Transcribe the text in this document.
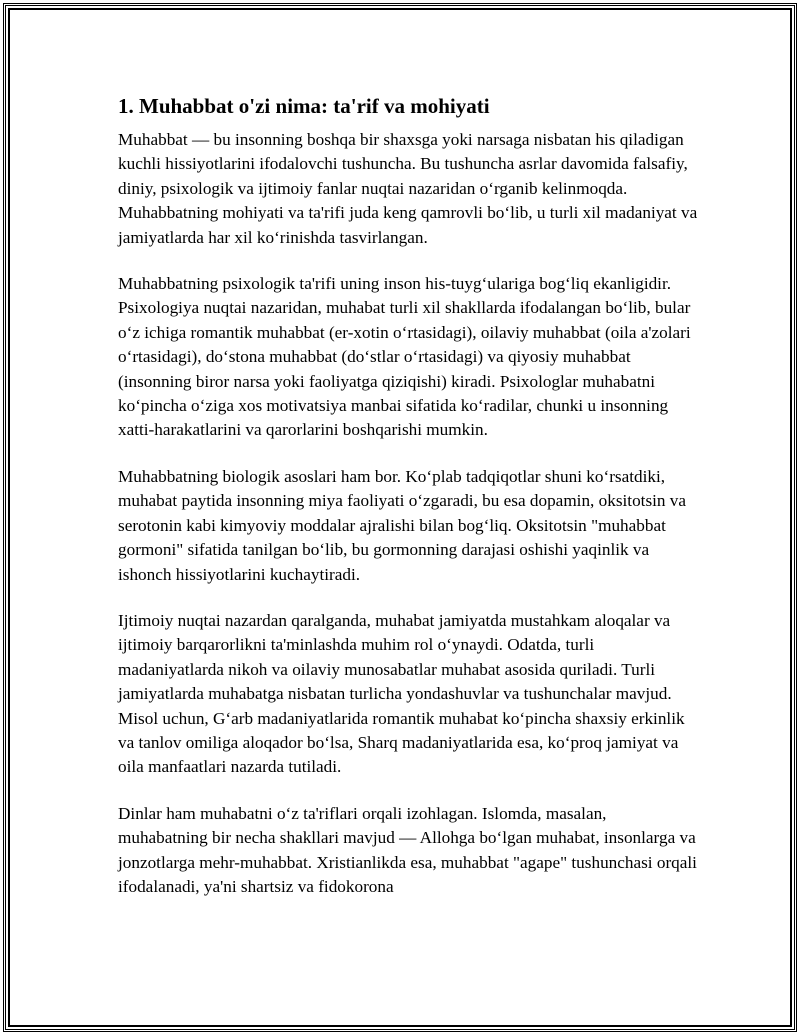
1. Muhabbat o'zi nima: ta'rif va mohiyati

Muhabbat — bu insonning boshqa bir shaxsga yoki narsaga nisbatan his qiladigan kuchli hissiyotlarini ifodalovchi tushuncha. Bu tushuncha asrlar davomida falsafiy, diniy, psixologik va ijtimoiy fanlar nuqtai nazaridan o‘rganib kelinmoqda. Muhabbatning mohiyati va ta'rifi juda keng qamrovli bo‘lib, u turli xil madaniyat va jamiyatlarda har xil ko‘rinishda tasvirlangan.

Muhabbatning psixologik ta'rifi uning inson his-tuyg‘ulariga bog‘liq ekanligidir. Psixologiya nuqtai nazaridan, muhabat turli xil shakllarda ifodalangan bo‘lib, bular o‘z ichiga romantik muhabbat (er-xotin o‘rtasidagi), oilaviy muhabbat (oila a'zolari o‘rtasidagi), do‘stona muhabbat (do‘stlar o‘rtasidagi) va qiyosiy muhabbat (insonning biror narsa yoki faoliyatga qiziqishi) kiradi. Psixologlar muhabatni ko‘pincha o‘ziga xos motivatsiya manbai sifatida ko‘radilar, chunki u insonning xatti-harakatlarini va qarorlarini boshqarishi mumkin.

Muhabbatning biologik asoslari ham bor. Ko‘plab tadqiqotlar shuni ko‘rsatdiki, muhabat paytida insonning miya faoliyati o‘zgaradi, bu esa dopamin, oksitotsin va serotonin kabi kimyoviy moddalar ajralishi bilan bog‘liq. Oksitotsin "muhabbat gormoni" sifatida tanilgan bo‘lib, bu gormonning darajasi oshishi yaqinlik va ishonch hissiyotlarini kuchaytiradi.

Ijtimoiy nuqtai nazardan qaralganda, muhabat jamiyatda mustahkam aloqalar va ijtimoiy barqarorlikni ta'minlashda muhim rol o‘ynaydi. Odatda, turli madaniyatlarda nikoh va oilaviy munosabatlar muhabat asosida quriladi. Turli jamiyatlarda muhabatga nisbatan turlicha yondashuvlar va tushunchalar mavjud. Misol uchun, G‘arb madaniyatlarida romantik muhabat ko‘pincha shaxsiy erkinlik va tanlov omiliga aloqador bo‘lsa, Sharq madaniyatlarida esa, ko‘proq jamiyat va oila manfaatlari nazarda tutiladi.

Dinlar ham muhabatni o‘z ta'riflari orqali izohlagan. Islomda, masalan, muhabatning bir necha shakllari mavjud — Allohga bo‘lgan muhabat, insonlarga va jonzotlarga mehr-muhabbat. Xristianlikda esa, muhabbat "agape" tushunchasi orqali ifodalanadi, ya'ni shartsiz va fidokorona
